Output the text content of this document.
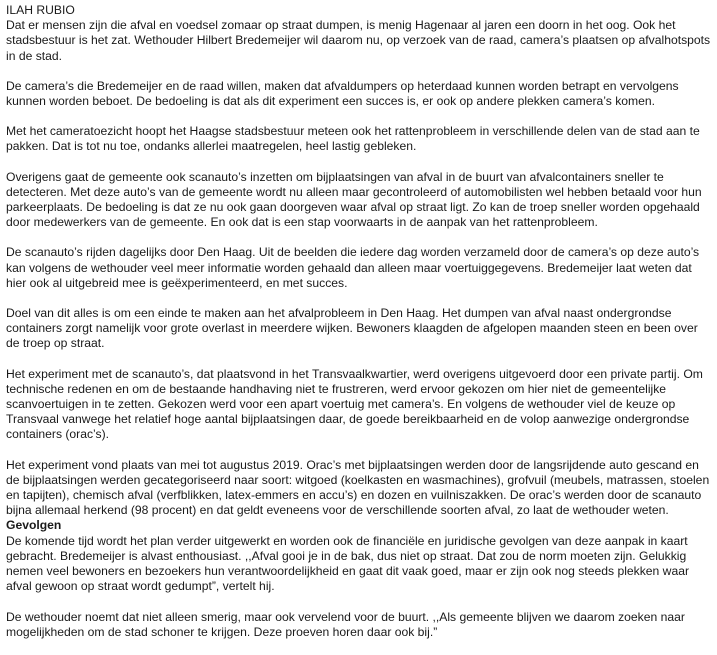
ILAH RUBIO

Dat er mensen zijn die afval en voedsel zomaar op straat dumpen, is menig Hagenaar al jaren een doorn in het oog. Ook het stadsbestuur is het zat. Wethouder Hilbert Bredemeijer wil daarom nu, op verzoek van de raad, camera’s plaatsen op afvalhotspots in de stad.

De camera’s die Bredemeijer en de raad willen, maken dat afvaldumpers op heterdaad kunnen worden betrapt en vervolgens kunnen worden beboet. De bedoeling is dat als dit experiment een succes is, er ook op andere plekken camera’s komen.

Met het cameratoezicht hoopt het Haagse stadsbestuur meteen ook het rattenprobleem in verschillende delen van de stad aan te pakken. Dat is tot nu toe, ondanks allerlei maatregelen, heel lastig gebleken.

Overigens gaat de gemeente ook scanauto’s inzetten om bijplaatsingen van afval in de buurt van afvalcontainers sneller te detecteren. Met deze auto’s van de gemeente wordt nu alleen maar gecontroleerd of automobilisten wel hebben betaald voor hun parkeerplaats. De bedoeling is dat ze nu ook gaan doorgeven waar afval op straat ligt. Zo kan de troep sneller worden opgehaald door medewerkers van de gemeente. En ook dat is een stap voorwaarts in de aanpak van het rattenprobleem.

De scanauto’s rijden dagelijks door Den Haag. Uit de beelden die iedere dag worden verzameld door de camera’s op deze auto’s kan volgens de wethouder veel meer informatie worden gehaald dan alleen maar voertuiggegevens. Bredemeijer laat weten dat hier ook al uitgebreid mee is geëxperimenteerd, en met succes.

Doel van dit alles is om een einde te maken aan het afvalprobleem in Den Haag. Het dumpen van afval naast ondergrondse containers zorgt namelijk voor grote overlast in meerdere wijken. Bewoners klaagden de afgelopen maanden steen en been over de troep op straat.

Het experiment met de scanauto’s, dat plaatsvond in het Transvaalkwartier, werd overigens uitgevoerd door een private partij. Om technische redenen en om de bestaande handhaving niet te frustreren, werd ervoor gekozen om hier niet de gemeentelijke scanvoertuigen in te zetten. Gekozen werd voor een apart voertuig met camera’s. En volgens de wethouder viel de keuze op Transvaal vanwege het relatief hoge aantal bijplaatsingen daar, de goede bereikbaarheid en de volop aanwezige ondergrondse containers (orac’s).

Het experiment vond plaats van mei tot augustus 2019. Orac’s met bijplaatsingen werden door de langsrijdende auto gescand en de bijplaatsingen werden gecategoriseerd naar soort: witgoed (koelkasten en wasmachines), grofvuil (meubels, matrassen, stoelen en tapijten), chemisch afval (verfblikken, latex-emmers en accu’s) en dozen en vuilniszakken. De orac’s werden door de scanauto bijna allemaal herkend (98 procent) en dat geldt eveneens voor de verschillende soorten afval, zo laat de wethouder weten.

Gevolgen

De komende tijd wordt het plan verder uitgewerkt en worden ook de financiële en juridische gevolgen van deze aanpak in kaart gebracht. Bredemeijer is alvast enthousiast. ,,Afval gooi je in de bak, dus niet op straat. Dat zou de norm moeten zijn. Gelukkig nemen veel bewoners en bezoekers hun verantwoordelijkheid en gaat dit vaak goed, maar er zijn ook nog steeds plekken waar afval gewoon op straat wordt gedumpt”, vertelt hij.

De wethouder noemt dat niet alleen smerig, maar ook vervelend voor de buurt. ,,Als gemeente blijven we daarom zoeken naar mogelijkheden om de stad schoner te krijgen. Deze proeven horen daar ook bij.”
